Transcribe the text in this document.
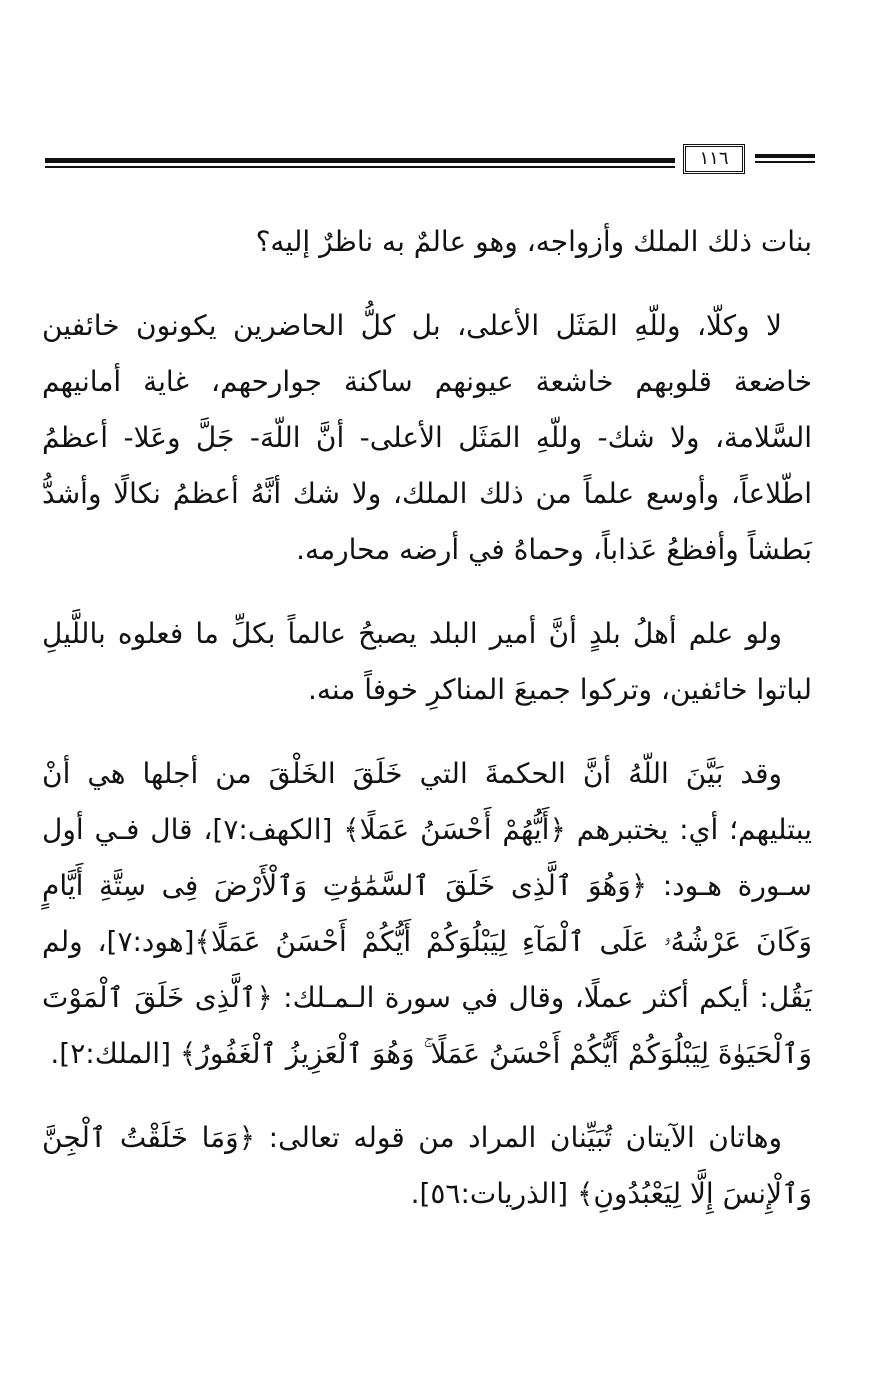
١١٦

بنات ذلك الملك وأزواجه، وهو عالمٌ به ناظرٌ إليه؟

لا وكلّا، وللّهِ المَثَل الأعلى، بل كلُّ الحاضرين يكونون خائفين خاضعة قلوبهم خاشعة عيونهم ساكنة جوارحهم، غاية أمانيهم السَّلامة، ولا شك- وللّهِ المَثَل الأعلى- أنَّ اللّهَ- جَلَّ وعَلا- أعظمُ اطّلاعاً، وأوسع علماً من ذلك الملك، ولا شك أنَّهُ أعظمُ نكالًا وأشدُّ بَطشاً وأفظعُ عَذاباً، وحماهُ في أرضه محارمه.

ولو علم أهلُ بلدٍ أنَّ أمير البلد يصبحُ عالماً بكلِّ ما فعلوه باللَّيلِ لباتوا خائفين، وتركوا جميعَ المناكرِ خوفاً منه.

وقد بَيَّنَ اللّهُ أنَّ الحكمةَ التي خَلَقَ الخَلْقَ من أجلها هي أنْ يبتليهم؛ أي: يختبرهم ﴿أَيُّهُمْ أَحْسَنُ عَمَلًا﴾ [الكهف:٧]، قال فـي أول سـورة هـود: ﴿وَهُوَ ٱلَّذِى خَلَقَ ٱلسَّمَٰوَٰتِ وَٱلْأَرْضَ فِى سِتَّةِ أَيَّامٍ وَكَانَ عَرْشُهُۥ عَلَى ٱلْمَآءِ لِيَبْلُوَكُمْ أَيُّكُمْ أَحْسَنُ عَمَلًا﴾[هود:٧]، ولم يَقُل: أيكم أكثر عملًا، وقال في سورة الـمـلك: ﴿ٱلَّذِى خَلَقَ ٱلْمَوْتَ وَٱلْحَيَوٰةَ لِيَبْلُوَكُمْ أَيُّكُمْ أَحْسَنُ عَمَلًا ۚ وَهُوَ ٱلْعَزِيزُ ٱلْغَفُورُ﴾ [الملك:٢].

وهاتان الآيتان تُبَيِّنان المراد من قوله تعالى: ﴿وَمَا خَلَقْتُ ٱلْجِنَّ وَٱلْإِنسَ إِلَّا لِيَعْبُدُونِ﴾ [الذريات:٥٦].
